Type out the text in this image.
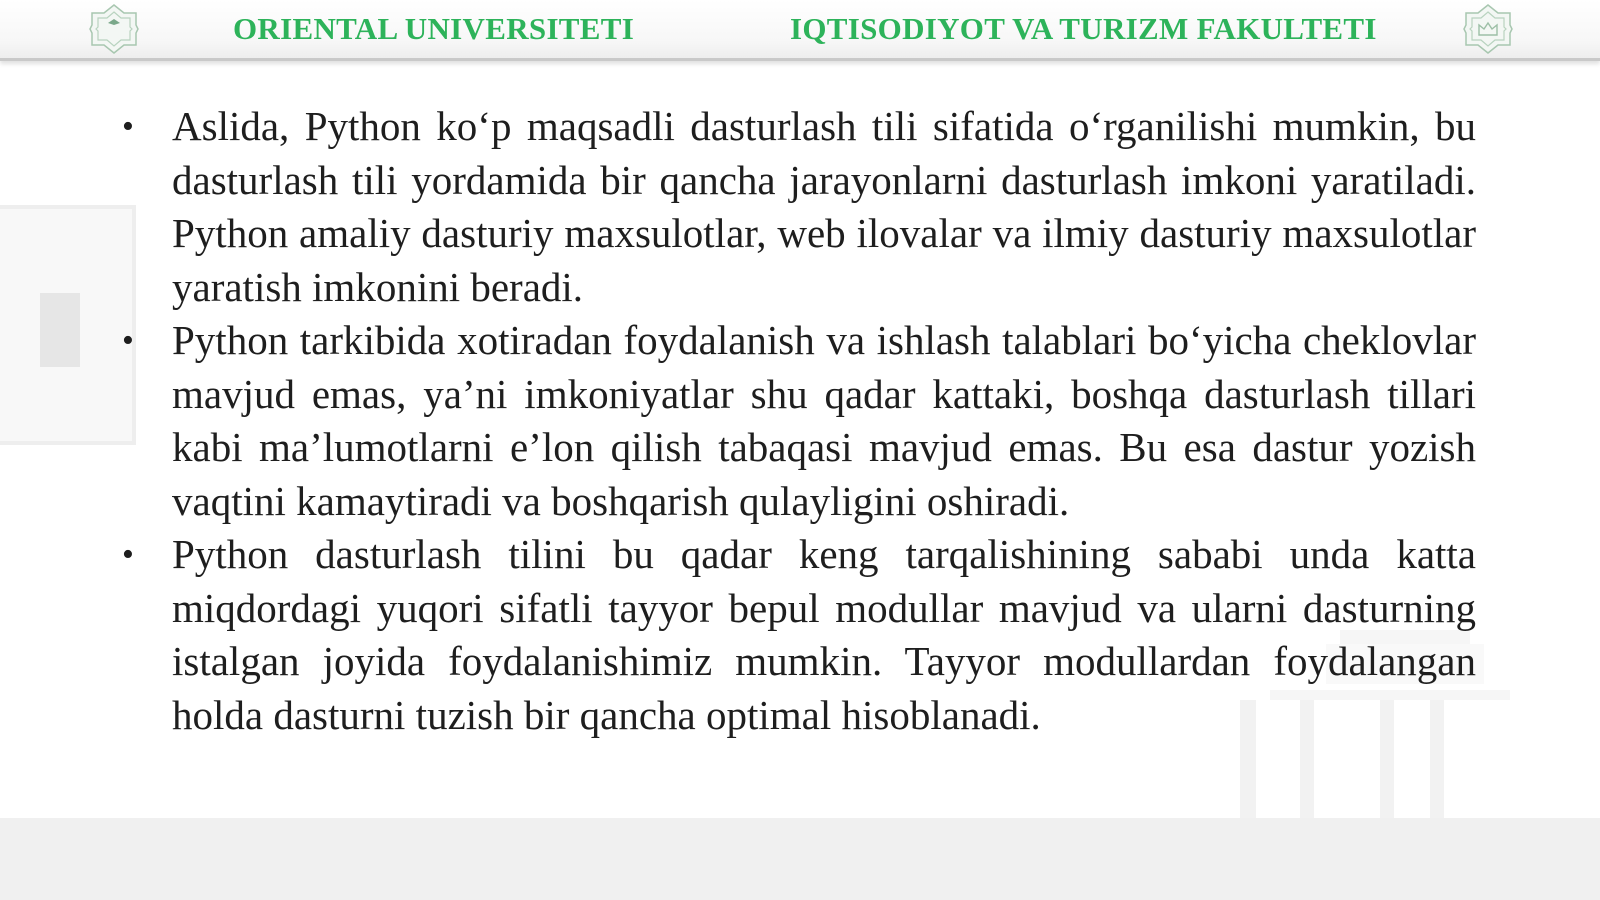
ORIENTAL UNIVERSITETI	IQTISODIYOT VA TURIZM FAKULTETI
• Aslida, Python ko‘p maqsadli dasturlash tili sifatida o‘rganilishi mumkin, bu dasturlash tili yordamida bir qancha jarayonlarni dasturlash imkoni yaratiladi. Python amaliy dasturiy maxsulotlar, web ilovalar va ilmiy dasturiy maxsulotlar yaratish imkonini beradi.
• Python tarkibida xotiradan foydalanish va ishlash talablari bo‘yicha cheklovlar mavjud emas, ya’ni imkoniyatlar shu qadar kattaki, boshqa dasturlash tillari kabi ma’lumotlarni e’lon qilish tabaqasi mavjud emas. Bu esa dastur yozish vaqtini kamaytiradi va boshqarish qulayligini oshiradi.
• Python dasturlash tilini bu qadar keng tarqalishining sababi unda katta miqdordagi yuqori sifatli tayyor bepul modullar mavjud va ularni dasturning istalgan joyida foydalanishimiz mumkin. Tayyor modullardan foydalangan holda dasturni tuzish bir qancha optimal hisoblanadi.
